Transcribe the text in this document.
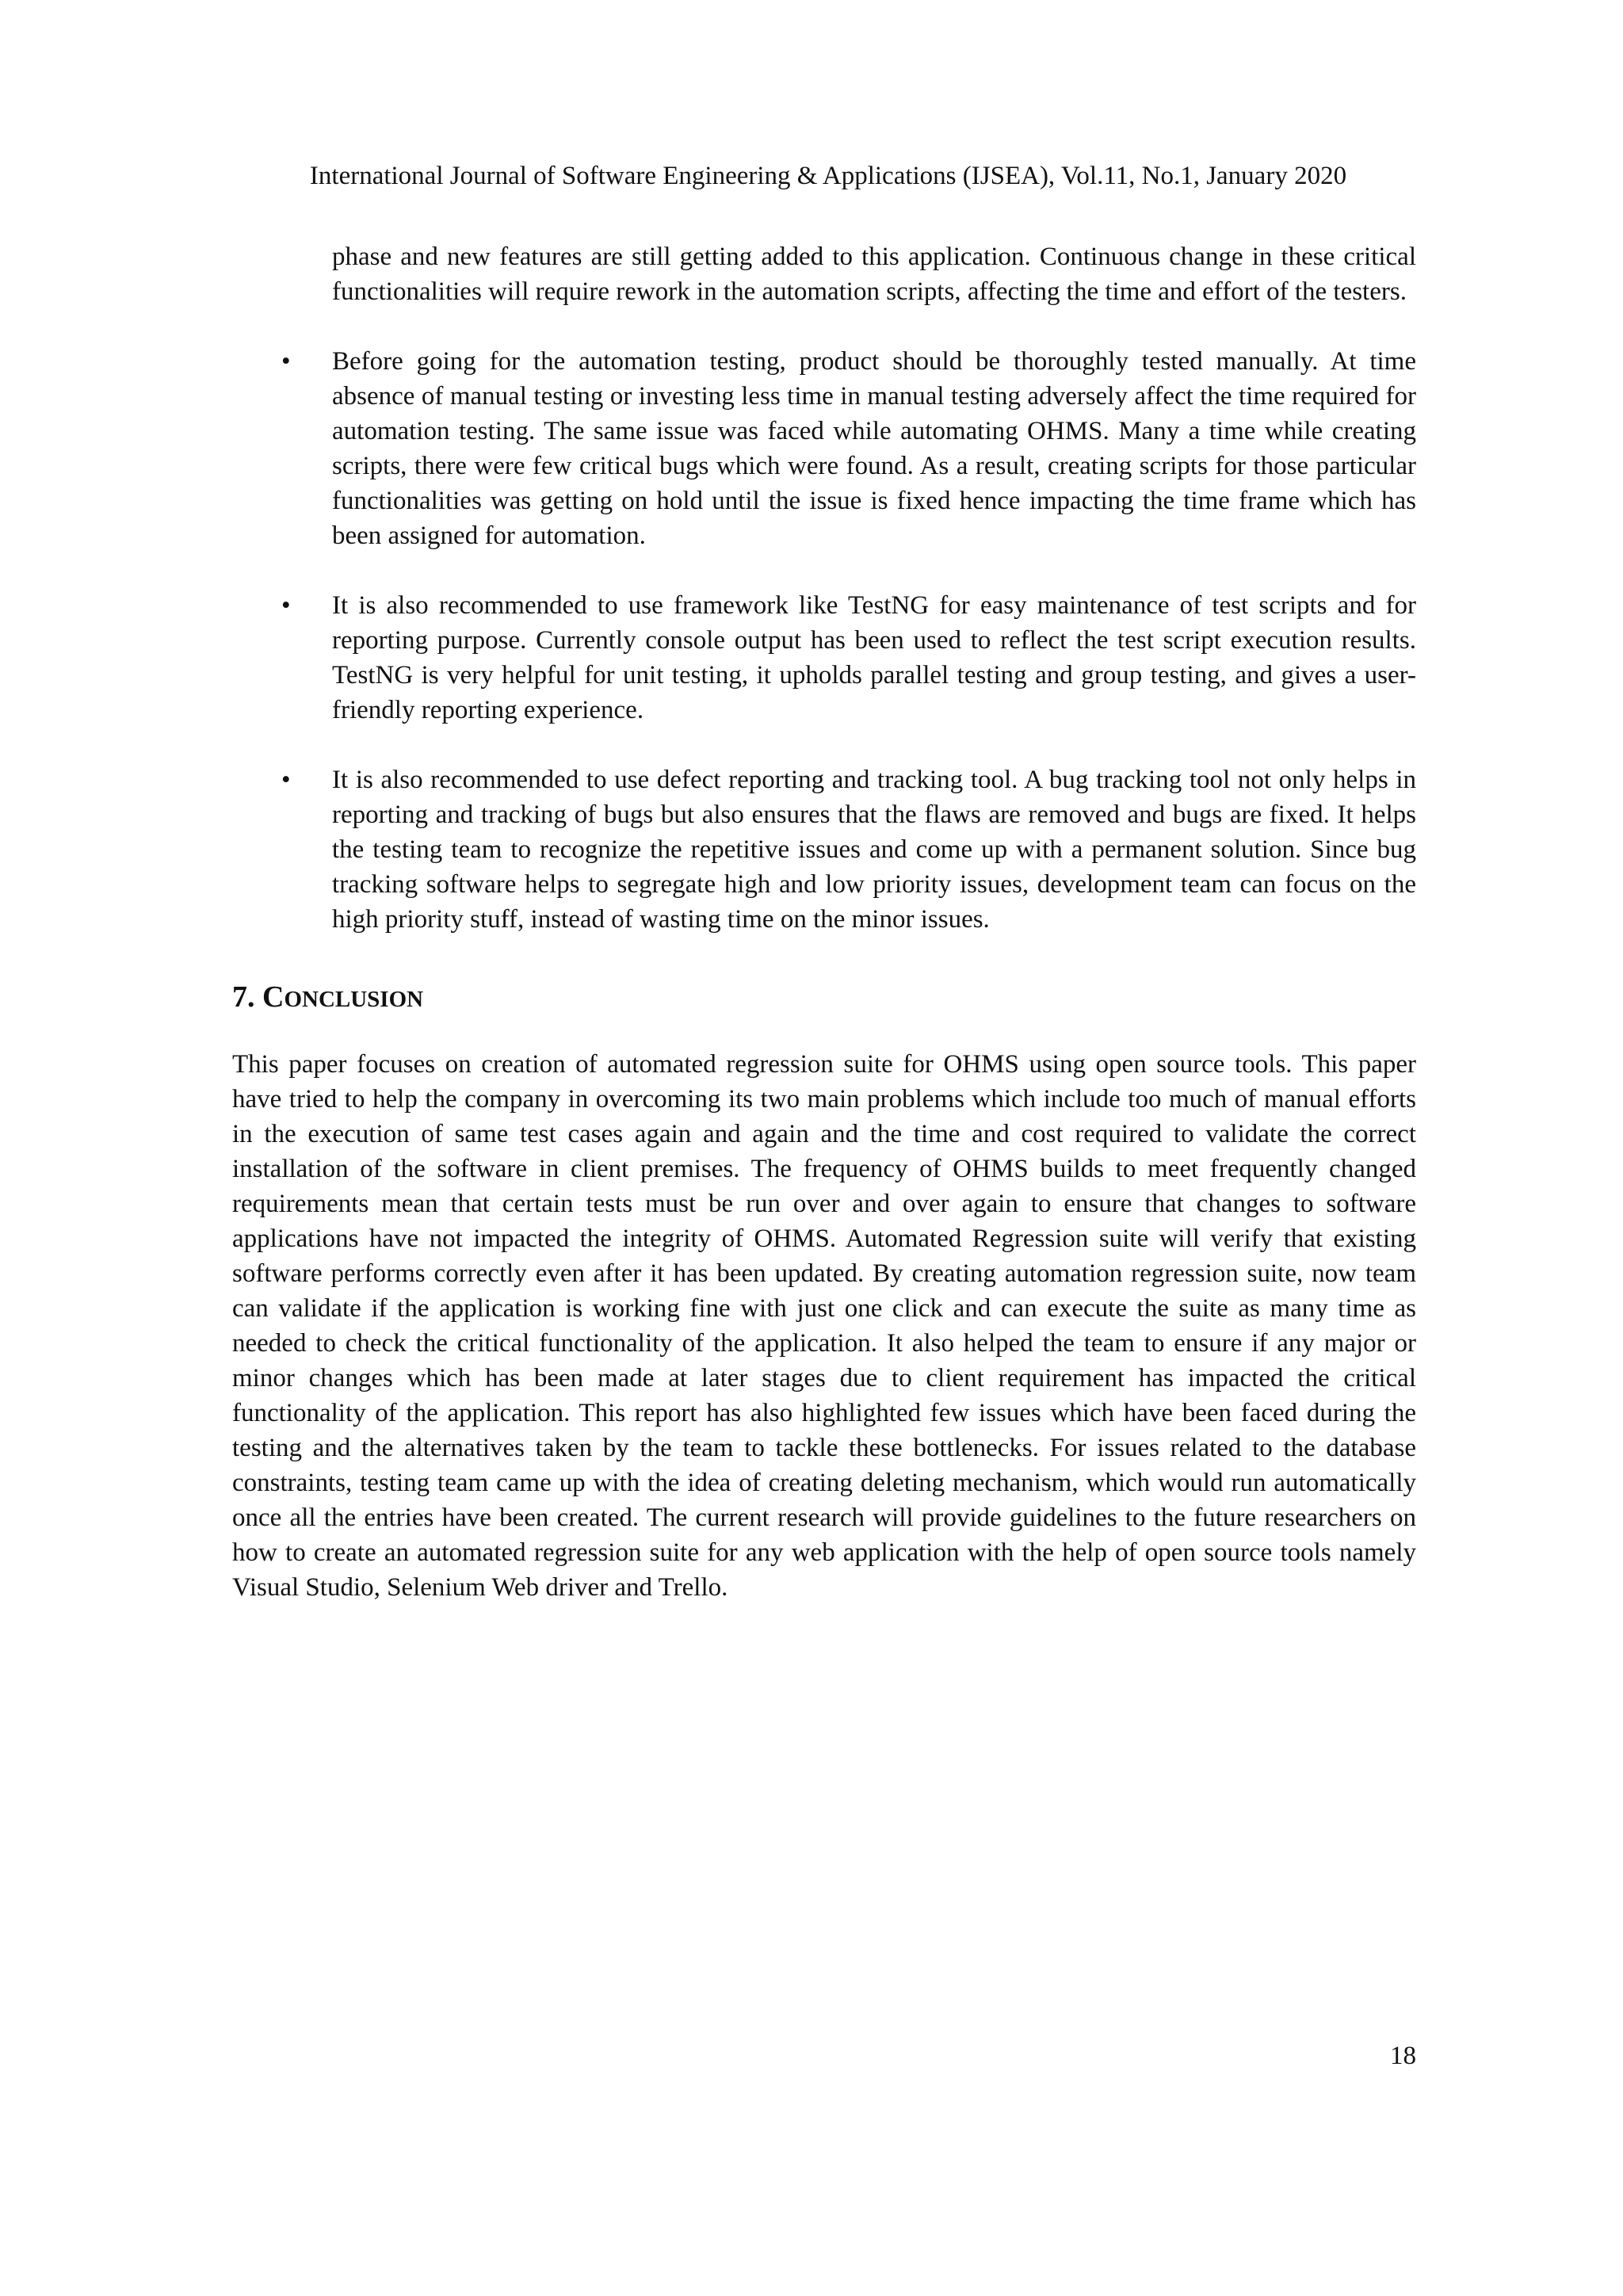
International Journal of Software Engineering & Applications (IJSEA), Vol.11, No.1, January 2020

phase and new features are still getting added to this application. Continuous change in these critical functionalities will require rework in the automation scripts, affecting the time and effort of the testers.

• Before going for the automation testing, product should be thoroughly tested manually. At time absence of manual testing or investing less time in manual testing adversely affect the time required for automation testing. The same issue was faced while automating OHMS. Many a time while creating scripts, there were few critical bugs which were found. As a result, creating scripts for those particular functionalities was getting on hold until the issue is fixed hence impacting the time frame which has been assigned for automation.

• It is also recommended to use framework like TestNG for easy maintenance of test scripts and for reporting purpose. Currently console output has been used to reflect the test script execution results. TestNG is very helpful for unit testing, it upholds parallel testing and group testing, and gives a user-friendly reporting experience.

• It is also recommended to use defect reporting and tracking tool. A bug tracking tool not only helps in reporting and tracking of bugs but also ensures that the flaws are removed and bugs are fixed. It helps the testing team to recognize the repetitive issues and come up with a permanent solution. Since bug tracking software helps to segregate high and low priority issues, development team can focus on the high priority stuff, instead of wasting time on the minor issues.

7. CONCLUSION

This paper focuses on creation of automated regression suite for OHMS using open source tools. This paper have tried to help the company in overcoming its two main problems which include too much of manual efforts in the execution of same test cases again and again and the time and cost required to validate the correct installation of the software in client premises. The frequency of OHMS builds to meet frequently changed requirements mean that certain tests must be run over and over again to ensure that changes to software applications have not impacted the integrity of OHMS. Automated Regression suite will verify that existing software performs correctly even after it has been updated. By creating automation regression suite, now team can validate if the application is working fine with just one click and can execute the suite as many time as needed to check the critical functionality of the application. It also helped the team to ensure if any major or minor changes which has been made at later stages due to client requirement has impacted the critical functionality of the application. This report has also highlighted few issues which have been faced during the testing and the alternatives taken by the team to tackle these bottlenecks. For issues related to the database constraints, testing team came up with the idea of creating deleting mechanism, which would run automatically once all the entries have been created. The current research will provide guidelines to the future researchers on how to create an automated regression suite for any web application with the help of open source tools namely Visual Studio, Selenium Web driver and Trello.

18
